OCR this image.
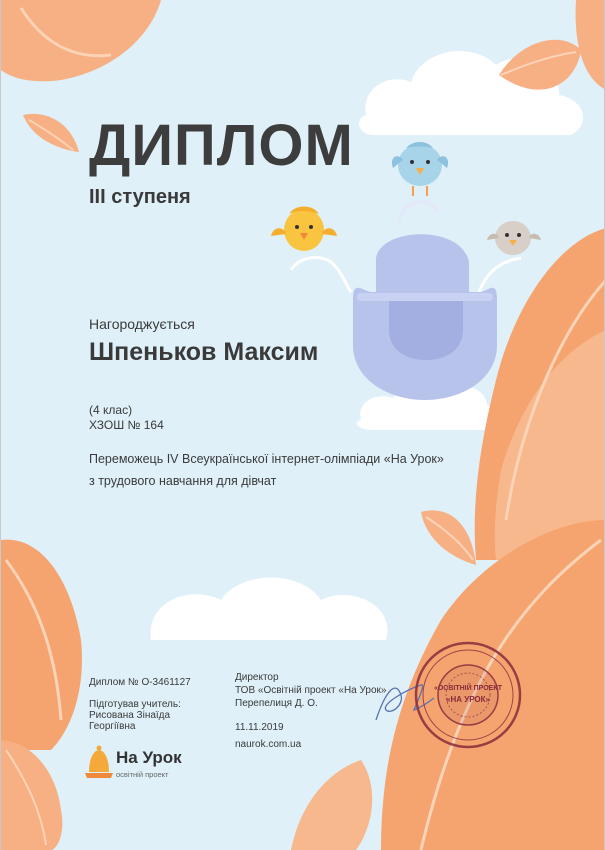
ДИПЛОМ
ІІІ ступеня
Нагороджується
Шпеньков Максим
(4 клас)
ХЗОШ № 164
Переможець IV Всеукраїнської інтернет-олімпіади «На Урок»
з трудового навчання для дівчат
Диплом № О-3461127
Підготував учитель:
Рисована Зінаїда
Георгіївна
Директор
ТОВ «Освітній проект «На Урок»
Перепелиця Д. О.
11.11.2019
naurok.com.ua
На Урок
освітній проект
«ОСВІТНІЙ ПРОЕКТ
«НА УРОК»
